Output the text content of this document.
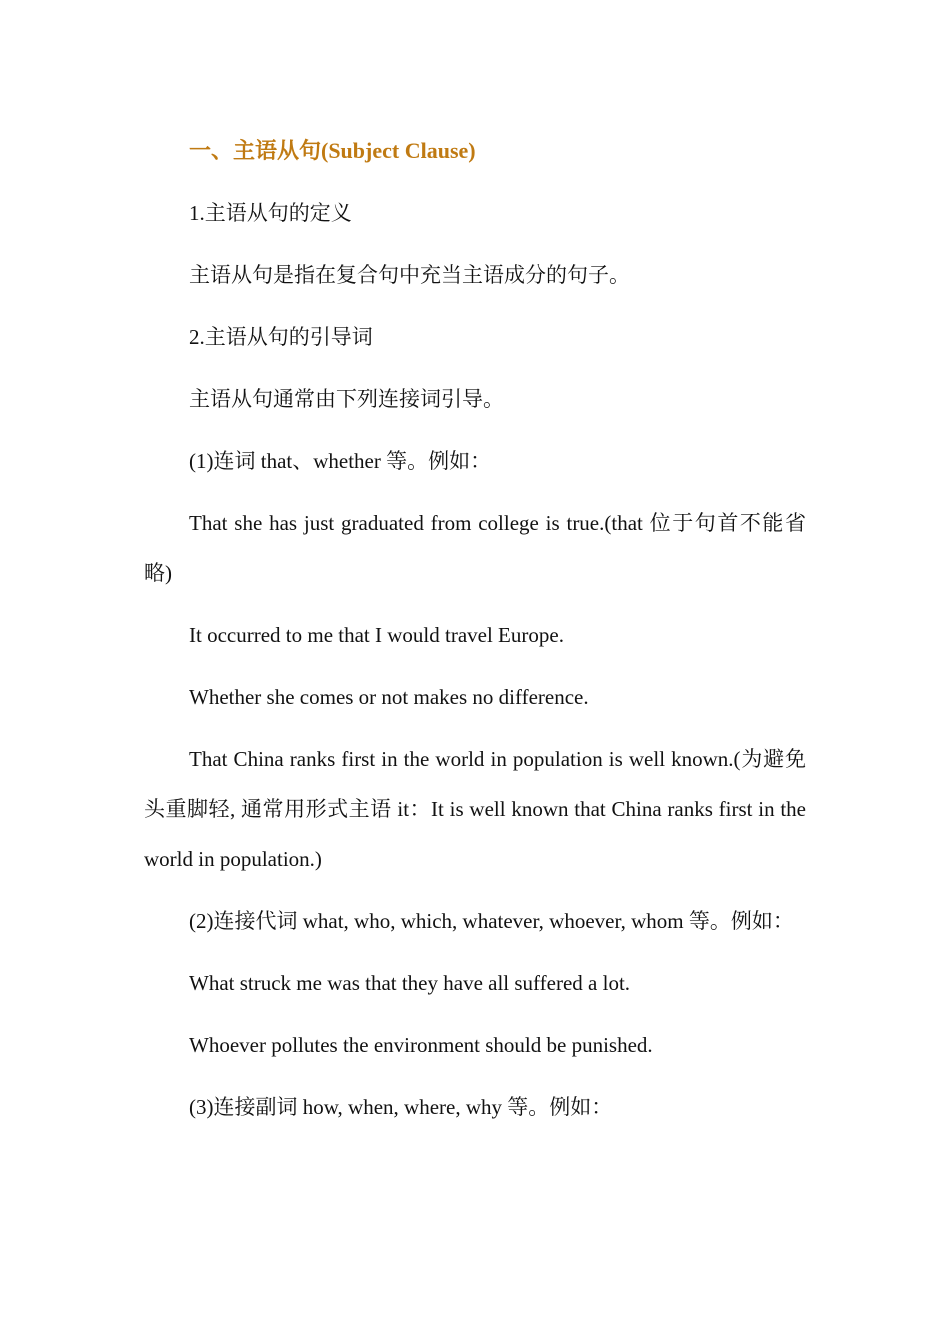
一、主语从句(Subject Clause)

1.主语从句的定义

主语从句是指在复合句中充当主语成分的句子。

2.主语从句的引导词

主语从句通常由下列连接词引导。

(1)连词 that、whether 等。例如：

That she has just graduated from college is true.(that 位于句首不能省略)

It occurred to me that I would travel Europe.

Whether she comes or not makes no difference.

That China ranks first in the world in population is well known.(为避免头重脚轻, 通常用形式主语 it：It is well known that China ranks first in the world in population.)

(2)连接代词 what, who, which, whatever, whoever, whom 等。例如：

What struck me was that they have all suffered a lot.

Whoever pollutes the environment should be punished.

(3)连接副词 how, when, where, why 等。例如：
